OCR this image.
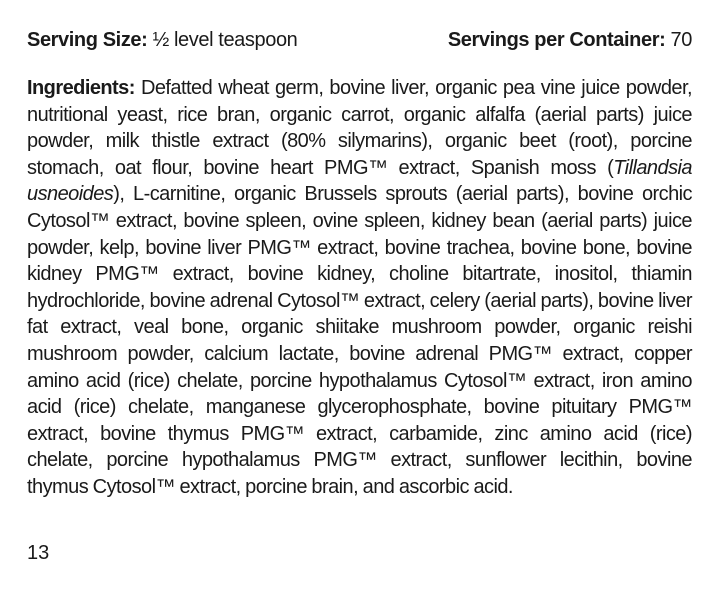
Serving Size: ½ level teaspoon	Servings per Container: 70
Ingredients: Defatted wheat germ, bovine liver, organic pea vine juice powder, nutritional yeast, rice bran, organic carrot, organic alfalfa (aerial parts) juice powder, milk thistle extract (80% silymarins), organic beet (root), porcine stomach, oat flour, bovine heart PMG™ extract, Spanish moss (Tillandsia usneoides), L-carnitine, organic Brussels sprouts (aerial parts), bovine orchic Cytosol™ extract, bovine spleen, ovine spleen, kidney bean (aerial parts) juice powder, kelp, bovine liver PMG™ extract, bovine trachea, bovine bone, bovine kidney PMG™ extract, bovine kidney, choline bitartrate, inositol, thiamin hydrochloride, bovine adrenal Cytosol™ extract, celery (aerial parts), bovine liver fat extract, veal bone, organic shiitake mushroom powder, organic reishi mushroom powder, calcium lactate, bovine adrenal PMG™ extract, copper amino acid (rice) chelate, porcine hypothalamus Cytosol™ extract, iron amino acid (rice) chelate, manganese glycerophosphate, bovine pituitary PMG™ extract, bovine thymus PMG™ extract, carbamide, zinc amino acid (rice) chelate, porcine hypothalamus PMG™ extract, sunflower lecithin, bovine thymus Cytosol™ extract, porcine brain, and ascorbic acid.
13
